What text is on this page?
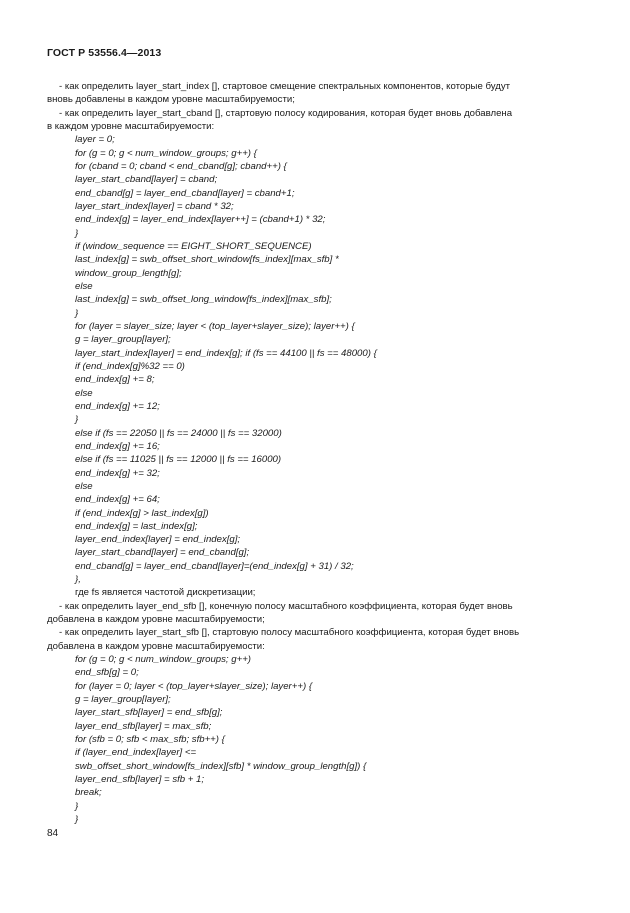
ГОСТ Р 53556.4—2013
- как определить layer_start_index [], стартовое смещение спектральных компонентов, которые будут
вновь добавлены в каждом уровне масштабируемости;
- как определить layer_start_cband [], стартовую полосу кодирования, которая будет вновь добавлена
в каждом уровне масштабируемости:
layer = 0;
for (g = 0; g < num_window_groups; g++) {
for (cband = 0; cband < end_cband[g]; cband++) {
layer_start_cband[layer] = cband;
end_cband[g] = layer_end_cband[layer] = cband+1;
layer_start_index[layer] = cband * 32;
end_index[g] = layer_end_index[layer++] = (cband+1) * 32;
}
if (window_sequence == EIGHT_SHORT_SEQUENCE)
last_index[g] = swb_offset_short_window[fs_index][max_sfb] *
window_group_length[g];
else
last_index[g] = swb_offset_long_window[fs_index][max_sfb];
}
for (layer = slayer_size; layer < (top_layer+slayer_size); layer++) {
g = layer_group[layer];
layer_start_index[layer] = end_index[g]; if (fs == 44100 || fs == 48000) {
if (end_index[g]%32 == 0)
end_index[g] += 8;
else
end_index[g] += 12;
}
else if (fs == 22050 || fs == 24000 || fs == 32000)
end_index[g] += 16;
else if (fs == 11025 || fs == 12000 || fs == 16000)
end_index[g] += 32;
else
end_index[g] += 64;
if (end_index[g] > last_index[g])
end_index[g] = last_index[g];
layer_end_index[layer] = end_index[g];
layer_start_cband[layer] = end_cband[g];
end_cband[g] = layer_end_cband[layer]=(end_index[g] + 31) / 32;
},
где fs является частотой дискретизации;
- как определить layer_end_sfb [], конечную полосу масштабного коэффициента, которая будет вновь
добавлена в каждом уровне масштабируемости;
- как определить layer_start_sfb [], стартовую полосу масштабного коэффициента, которая будет вновь
добавлена в каждом уровне масштабируемости:
for (g = 0; g < num_window_groups; g++)
end_sfb[g] = 0;
for (layer = 0; layer < (top_layer+slayer_size); layer++) {
g = layer_group[layer];
layer_start_sfb[layer] = end_sfb[g];
layer_end_sfb[layer] = max_sfb;
for (sfb = 0; sfb < max_sfb; sfb++) {
if (layer_end_index[layer] <=
swb_offset_short_window[fs_index][sfb] * window_group_length[g]) {
layer_end_sfb[layer] = sfb + 1;
break;
}
}
84
